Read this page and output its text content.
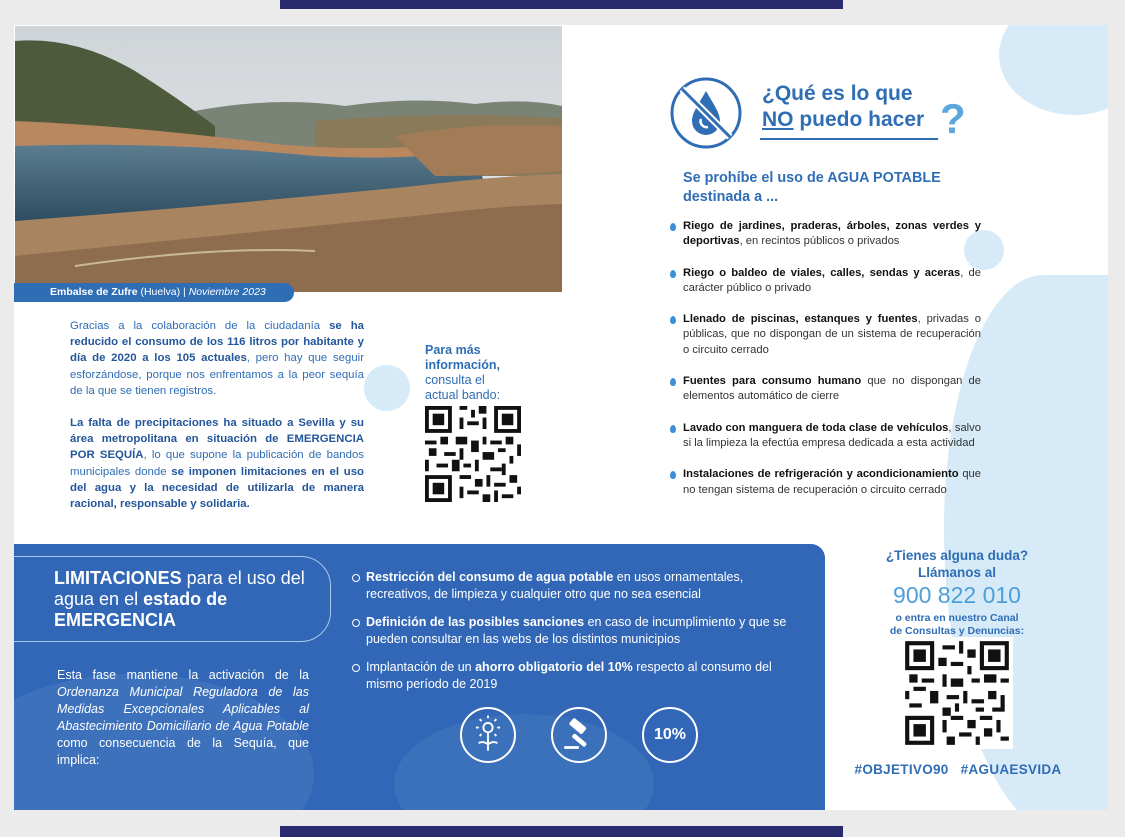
Embalse de Zufre (Huelva) | Noviembre 2023

Gracias a la colaboración de la ciudadanía se ha reducido el consumo de los 116 litros por habitante y día de 2020 a los 105 actuales, pero hay que seguir esforzándose, porque nos enfrentamos a la peor sequía de la que se tienen registros.

La falta de precipitaciones ha situado a Sevilla y su área metropolitana en situación de EMERGENCIA POR SEQUÍA, lo que supone la publicación de bandos municipales donde se imponen limitaciones en el uso del agua y la necesidad de utilizarla de manera racional, responsable y solidaria.

Para más
información,
consulta el
actual bando:
¿Qué es lo que
NO puedo hacer ?
Se prohíbe el uso de AGUA POTABLE destinada a ...
Riego de jardines, praderas, árboles, zonas verdes y deportivas, en recintos públicos o privados
Riego o baldeo de viales, calles, sendas y aceras, de carácter público o privado
Llenado de piscinas, estanques y fuentes, privadas o públicas, que no dispongan de un sistema de recuperación o circuito cerrado
Fuentes para consumo humano que no dispongan de elementos automático de cierre
Lavado con manguera de toda clase de vehículos, salvo si la limpieza la efectúa empresa dedicada a esta actividad
Instalaciones de refrigeración y acondicionamiento que no tengan sistema de recuperación o circuito cerrado
LIMITACIONES para el uso del agua en el estado de EMERGENCIA
Esta fase mantiene la activación de la Ordenanza Municipal Reguladora de las Medidas Excepcionales Aplicables al Abastecimiento Domiciliario de Agua Potable como consecuencia de la Sequía, que implica:
Restricción del consumo de agua potable en usos ornamentales, recreativos, de limpieza y cualquier otro que no sea esencial
Definición de las posibles sanciones en caso de incumplimiento y que se pueden consultar en las webs de los distintos municipios
Implantación de un ahorro obligatorio del 10% respecto al consumo del mismo período de 2019
10%
¿Tienes alguna duda?
Llámanos al
900 822 010
o entra en nuestro Canal
de Consultas y Denuncias:
#OBJETIVO90 #AGUAESVIDA
